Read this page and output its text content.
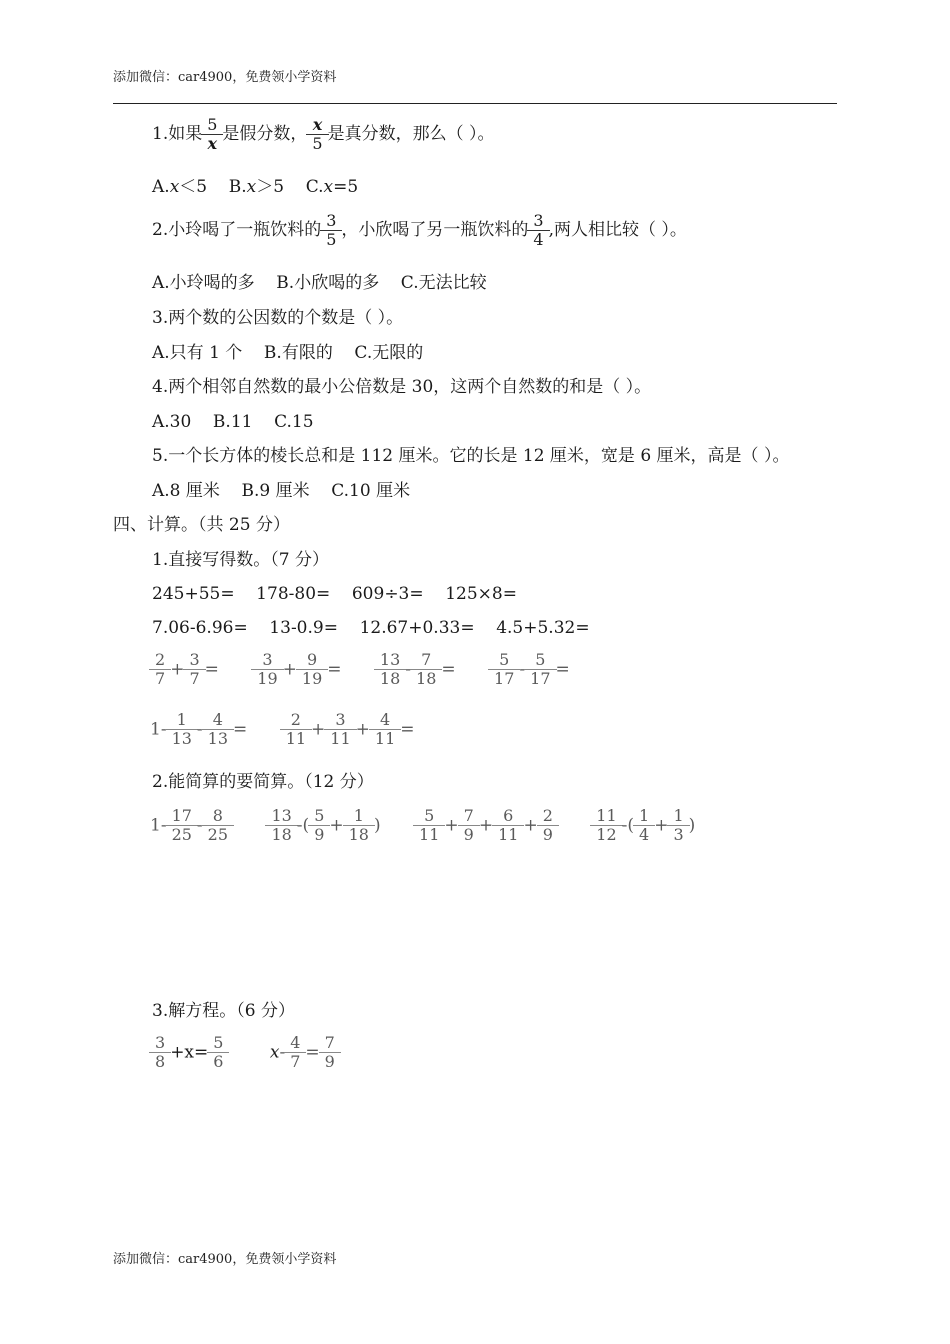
添加微信：car4900，免费领小学资料
1.如果 $\frac{5}{x}$ 是假分数， $\frac{x}{5}$ 是真分数，那么（ ）。
A.x＜5 B.x＞5 C.x=5
2.小玲喝了一瓶饮料的 $\frac{3}{5}$ ，小欣喝了另一瓶饮料的 $\frac{3}{4}$ ,两人相比较（ ）。
A.小玲喝的多    B.小欣喝的多    C.无法比较
3.两个数的公因数的个数是（ ）。
A.只有 1 个    B.有限的    C.无限的
4.两个相邻自然数的最小公倍数是 30，这两个自然数的和是（ ）。
A.30    B.11    C.15
5.一个长方体的棱长总和是 112 厘米。它的长是 12 厘米，宽是 6 厘米，高是（ ）。
A.8 厘米    B.9 厘米    C.10 厘米
四、计算。（共 25 分）
1.直接写得数。（7 分）
245+55=    178-80=    609÷3=    125×8=
7.06-6.96=    13-0.9=    12.67+0.33=    4.5+5.32=
$\frac{2}{7} + \frac{3}{7} = \frac{3}{19} + \frac{9}{19} = \frac{13}{18} - \frac{7}{18} = \frac{5}{17} - \frac{5}{17}$ =
$1- \frac{1}{13} - \frac{4}{13} = \frac{2}{11} + \frac{3}{11} + \frac{4}{11}$ =
2.能简算的要简算。（12 分）
$1- \frac{17}{25} - \frac{8}{25}$
$\frac{13}{18}$ -( $\frac{5}{9} + \frac{1}{18}$ ) $\frac{5}{11} + \frac{7}{9} + \frac{6}{11} + \frac{2}{9}$
$\frac{11}{12}$ -( $\frac{1}{4} + \frac{1}{3}$ )
3.解方程。（6 分）
$\frac{3}{8} +x= \frac{5}{6}$	$x- \frac{4}{7} = \frac{7}{9}$
添加微信：car4900，免费领小学资料
